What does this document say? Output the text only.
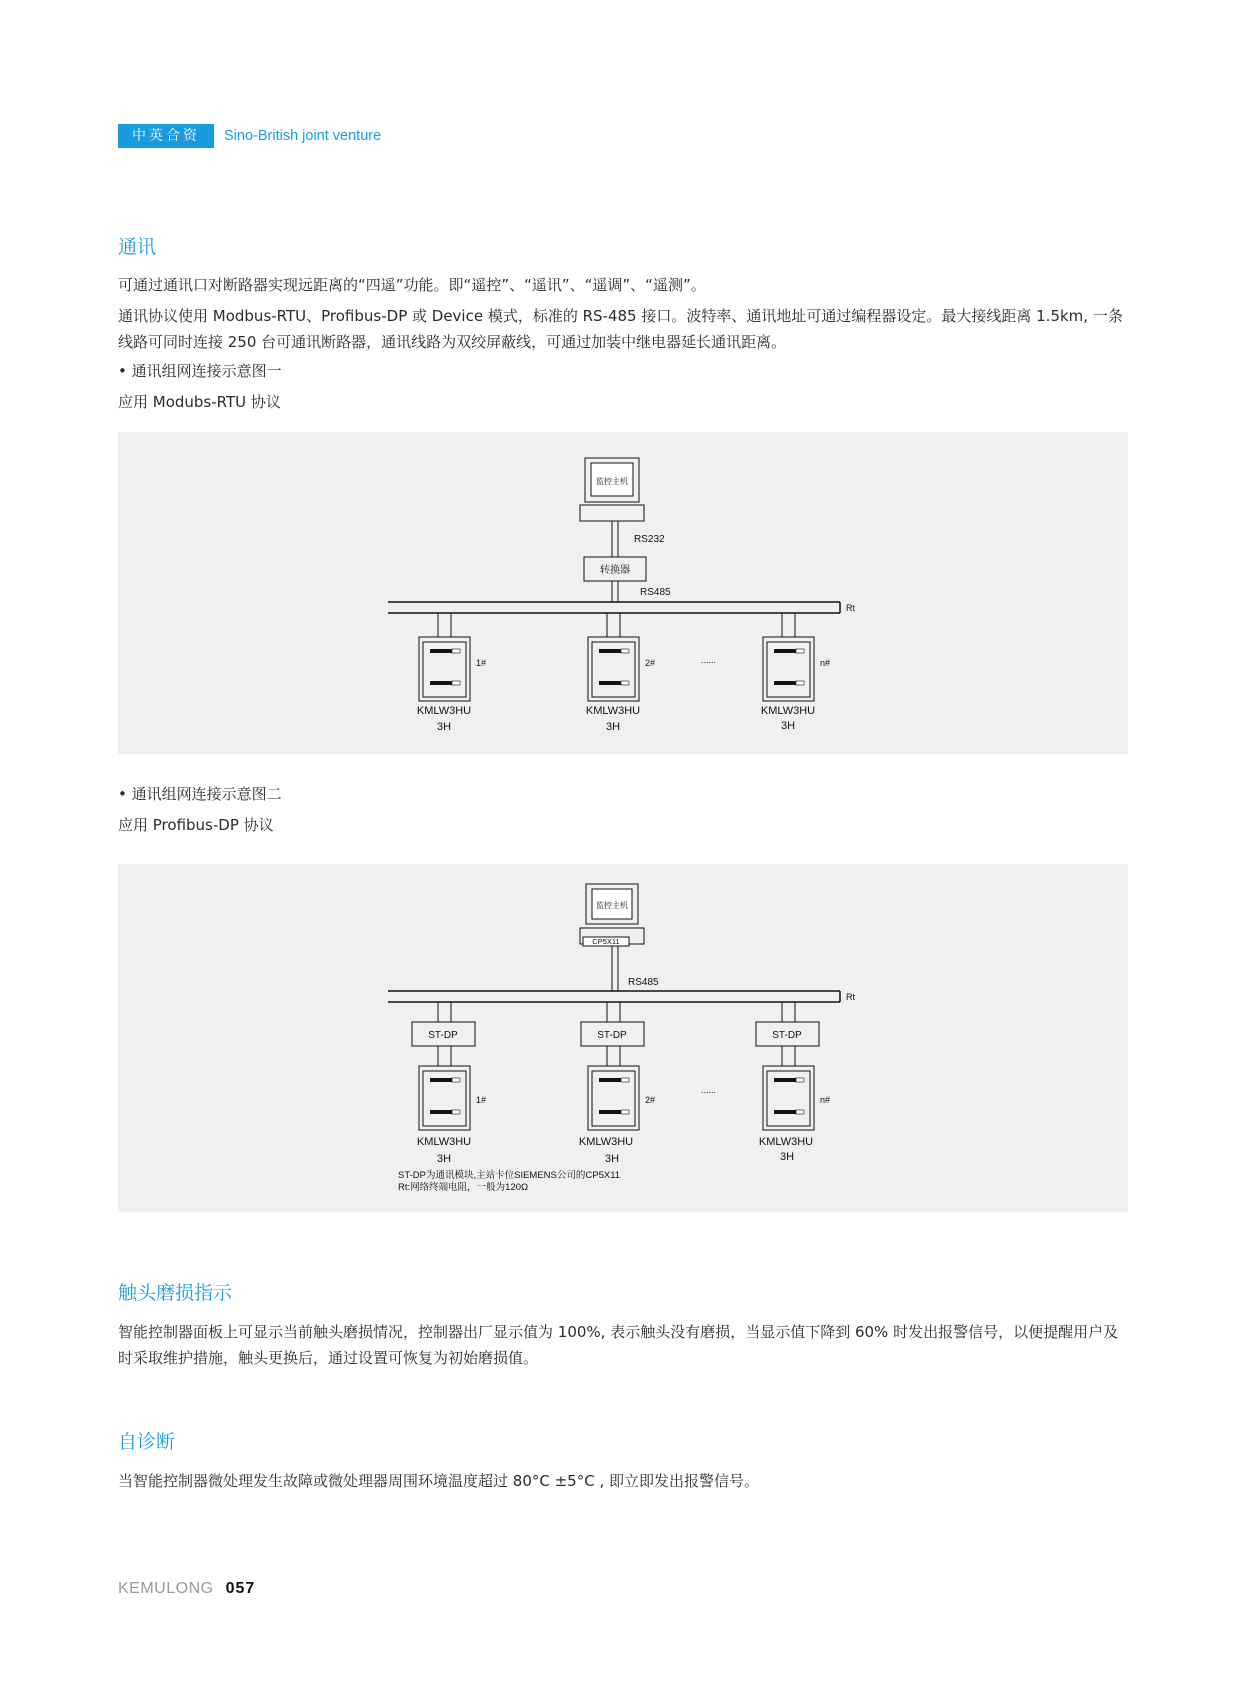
中英合资	Sino-British joint venture
通讯

可通过通讯口对断路器实现远距离的“四遥”功能。即“遥控”、“遥讯”、“遥调”、“遥测”。

通讯协议使用 Modbus-RTU、Profibus-DP 或 Device 模式，标准的 RS-485 接口。波特率、通讯地址可通过编程器设定。最大接线距离 1.5km, 一条线路可同时连接 250 台可通讯断路器，通讯线路为双绞屏蔽线，可通过加装中继电器延长通讯距离。

• 通讯组网连接示意图一

应用 Modubs-RTU 协议

监控主机
RS232
转换器
RS485
Rt
1#	2#	n#
......
KMLW3HU
3H
KMLW3HU
3H
KMLW3HU
3H

• 通讯组网连接示意图二

应用 Profibus-DP 协议

监控主机
CP5X11
RS485
Rt
ST-DP	ST-DP	ST-DP
1#	2#	n#
......
KMLW3HU
3H
KMLW3HU
3H
KMLW3HU
3H
ST-DP为通讯模块,主站卡位SIEMENS公司的CP5X11
Rt:网络终端电阻，一般为120Ω
触头磨损指示

智能控制器面板上可显示当前触头磨损情况，控制器出厂显示值为 100%, 表示触头没有磨损，当显示值下降到 60% 时发出报警信号，以便提醒用户及时采取维护措施，触头更换后，通过设置可恢复为初始磨损值。

自诊断

当智能控制器微处理发生故障或微处理器周围环境温度超过 80°C ±5°C , 即立即发出报警信号。

KEMULONG 057
